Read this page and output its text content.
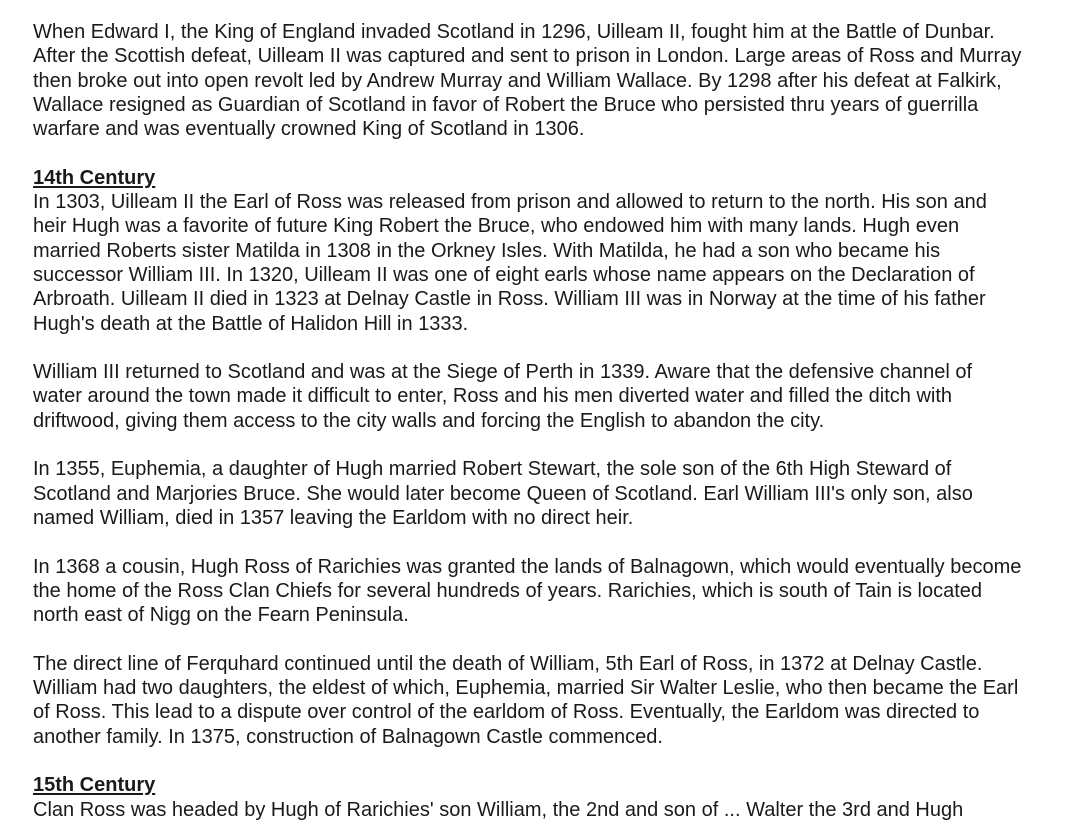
When Edward I, the King of England invaded Scotland in 1296, Uilleam II, fought him at the Battle of Dunbar. After the Scottish defeat, Uilleam II was captured and sent to prison in London. Large areas of Ross and Murray then broke out into open revolt led by Andrew Murray and William Wallace. By 1298 after his defeat at Falkirk, Wallace resigned as Guardian of Scotland in favor of Robert the Bruce who persisted thru years of guerrilla warfare and was eventually crowned King of Scotland in 1306.

14th Century

In 1303, Uilleam II the Earl of Ross was released from prison and allowed to return to the north. His son and heir Hugh was a favorite of future King Robert the Bruce, who endowed him with many lands. Hugh even married Roberts sister Matilda in 1308 in the Orkney Isles. With Matilda, he had a son who became his successor William III. In 1320, Uilleam II was one of eight earls whose name appears on the Declaration of Arbroath. Uilleam II died in 1323 at Delnay Castle in Ross. William III was in Norway at the time of his father Hugh's death at the Battle of Halidon Hill in 1333.

William III returned to Scotland and was at the Siege of Perth in 1339. Aware that the defensive channel of water around the town made it difficult to enter, Ross and his men diverted water and filled the ditch with driftwood, giving them access to the city walls and forcing the English to abandon the city.

In 1355, Euphemia, a daughter of Hugh married Robert Stewart, the sole son of the 6th High Steward of Scotland and Marjories Bruce. She would later become Queen of Scotland. Earl William III's only son, also named William, died in 1357 leaving the Earldom with no direct heir.

In 1368 a cousin, Hugh Ross of Rarichies was granted the lands of Balnagown, which would eventually become the home of the Ross Clan Chiefs for several hundreds of years. Rarichies, which is south of Tain is located north east of Nigg on the Fearn Peninsula.

The direct line of Ferquhard continued until the death of William, 5th Earl of Ross, in 1372 at Delnay Castle. William had two daughters, the eldest of which, Euphemia, married Sir Walter Leslie, who then became the Earl of Ross. This lead to a dispute over control of the earldom of Ross. Eventually, the Earldom was directed to another family. In 1375, construction of Balnagown Castle commenced.

15th Century

Clan Ross was headed by Hugh of Rarichies' son William, the 2nd and son of ... Walter the 3rd and Hugh
